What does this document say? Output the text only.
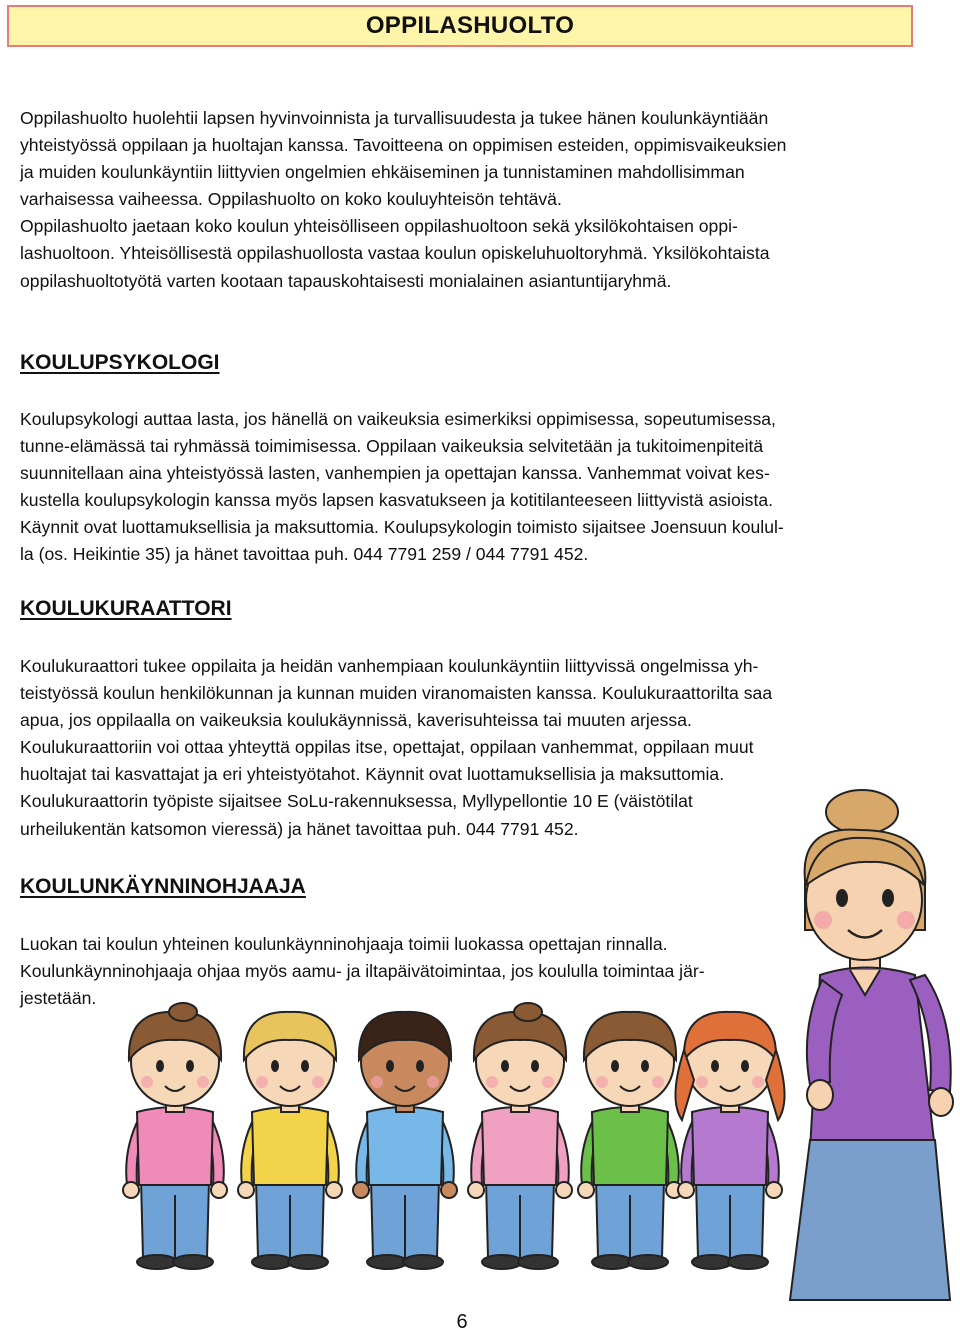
OPPILASHUOLTO

Oppilashuolto huolehtii lapsen hyvinvoinnista ja turvallisuudesta ja tukee hänen koulunkäyntiään
yhteistyössä oppilaan ja huoltajan kanssa. Tavoitteena on oppimisen esteiden, oppimisvaikeuksien
ja muiden koulunkäyntiin liittyvien ongelmien ehkäiseminen ja tunnistaminen mahdollisimman
varhaisessa vaiheessa. Oppilashuolto on koko kouluyhteisön tehtävä.
Oppilashuolto jaetaan koko koulun yhteisölliseen oppilashuoltoon sekä yksilökohtaisen oppi-
lashuoltoon. Yhteisöllisestä oppilashuollosta vastaa koulun opiskeluhuoltoryhmä. Yksilökohtaista
oppilashuoltotyötä varten kootaan tapauskohtaisesti monialainen asiantuntijaryhmä.

KOULUPSYKOLOGI

Koulupsykologi auttaa lasta, jos hänellä on vaikeuksia esimerkiksi oppimisessa, sopeutumisessa,
tunne-elämässä tai ryhmässä toimimisessa. Oppilaan vaikeuksia selvitetään ja tukitoimenpiteitä
suunnitellaan aina yhteistyössä lasten, vanhempien ja opettajan kanssa. Vanhemmat voivat kes-
kustella koulupsykologin kanssa myös lapsen kasvatukseen ja kotitilanteeseen liittyvistä asioista.
Käynnit ovat luottamuksellisia ja maksuttomia. Koulupsykologin toimisto sijaitsee Joensuun koulul-
la (os. Heikintie 35) ja hänet tavoittaa puh. 044 7791 259 / 044 7791 452.

KOULUKURAATTORI

Koulukuraattori tukee oppilaita ja heidän vanhempiaan koulunkäyntiin liittyvissä ongelmissa yh-
teistyössä koulun henkilökunnan ja kunnan muiden viranomaisten kanssa. Koulukuraattorilta saa
apua, jos oppilaalla on vaikeuksia koulukäynnissä, kaverisuhteissa tai muuten arjessa.
Koulukuraattoriin voi ottaa yhteyttä oppilas itse, opettajat, oppilaan vanhemmat, oppilaan muut
huoltajat tai kasvattajat ja eri yhteistyötahot. Käynnit ovat luottamuksellisia ja maksuttomia.
Koulukuraattorin työpiste sijaitsee SoLu-rakennuksessa, Myllypellontie 10 E (väistötilat
urheilukentän katsomon vieressä) ja hänet tavoittaa puh. 044 7791 452.

KOULUNKÄYNNINOHJAAJA

Luokan tai koulun yhteinen koulunkäynninohjaaja toimii luokassa opettajan rinnalla.
Koulunkäynninohjaaja ohjaa myös aamu- ja iltapäivätoimintaa, jos koululla toimintaa jär-
jestetään.

6
